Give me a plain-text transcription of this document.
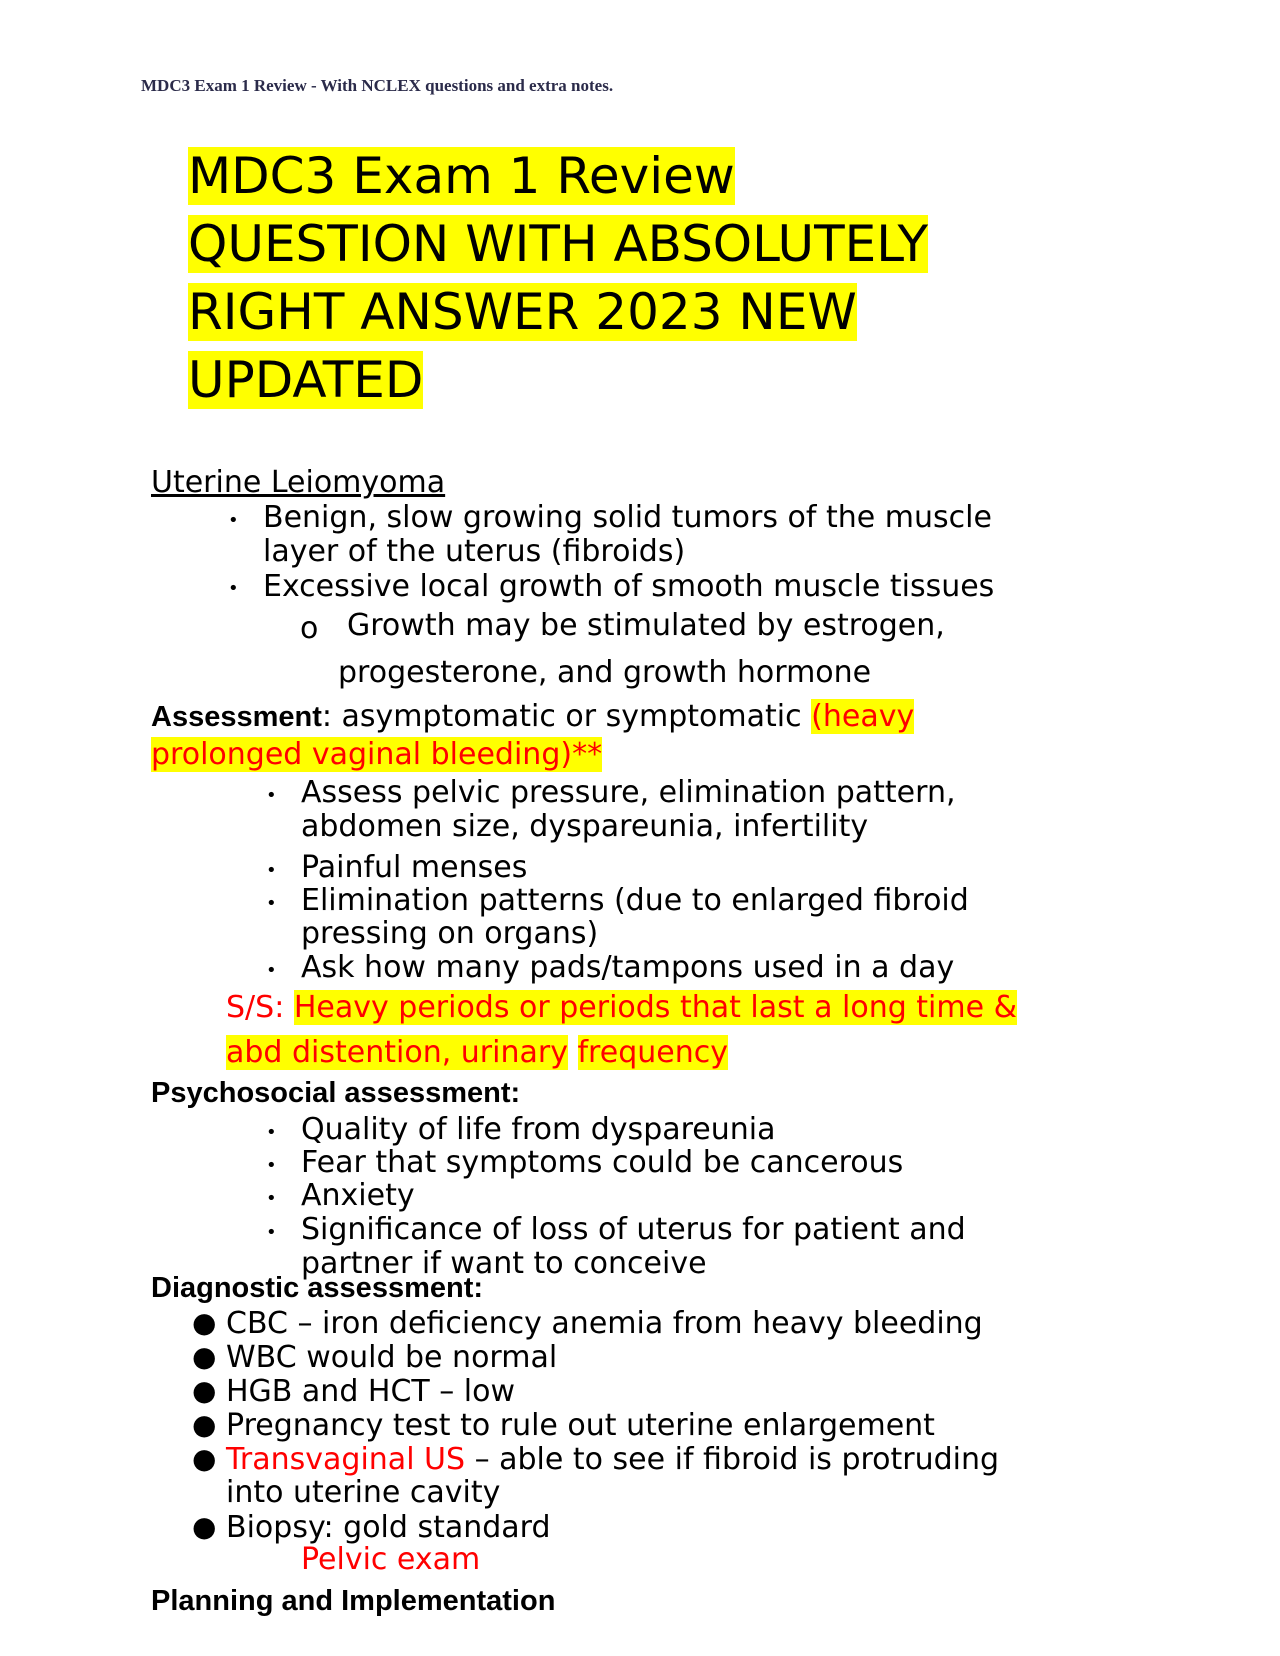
MDC3 Exam 1 Review - With NCLEX questions and extra notes.
MDC3 Exam 1 Review
QUESTION WITH ABSOLUTELY
RIGHT ANSWER 2023 NEW
UPDATED
Uterine Leiomyoma
• Benign, slow growing solid tumors of the muscle
layer of the uterus (fibroids)
• Excessive local growth of smooth muscle tissues
o Growth may be stimulated by estrogen,
progesterone, and growth hormone
Assessment: asymptomatic or symptomatic (heavy
prolonged vaginal bleeding)**
• Assess pelvic pressure, elimination pattern,
abdomen size, dyspareunia, infertility
• Painful menses
• Elimination patterns (due to enlarged fibroid
pressing on organs)
• Ask how many pads/tampons used in a day
S/S: Heavy periods or periods that last a long time &
abd distention, urinary frequency
Psychosocial assessment:
• Quality of life from dyspareunia
• Fear that symptoms could be cancerous
• Anxiety
• Significance of loss of uterus for patient and
partner if want to conceive
Diagnostic assessment:
● CBC – iron deficiency anemia from heavy bleeding
● WBC would be normal
● HGB and HCT – low
● Pregnancy test to rule out uterine enlargement
● Transvaginal US – able to see if fibroid is protruding
into uterine cavity
● Biopsy: gold standard
Pelvic exam
Planning and Implementation
